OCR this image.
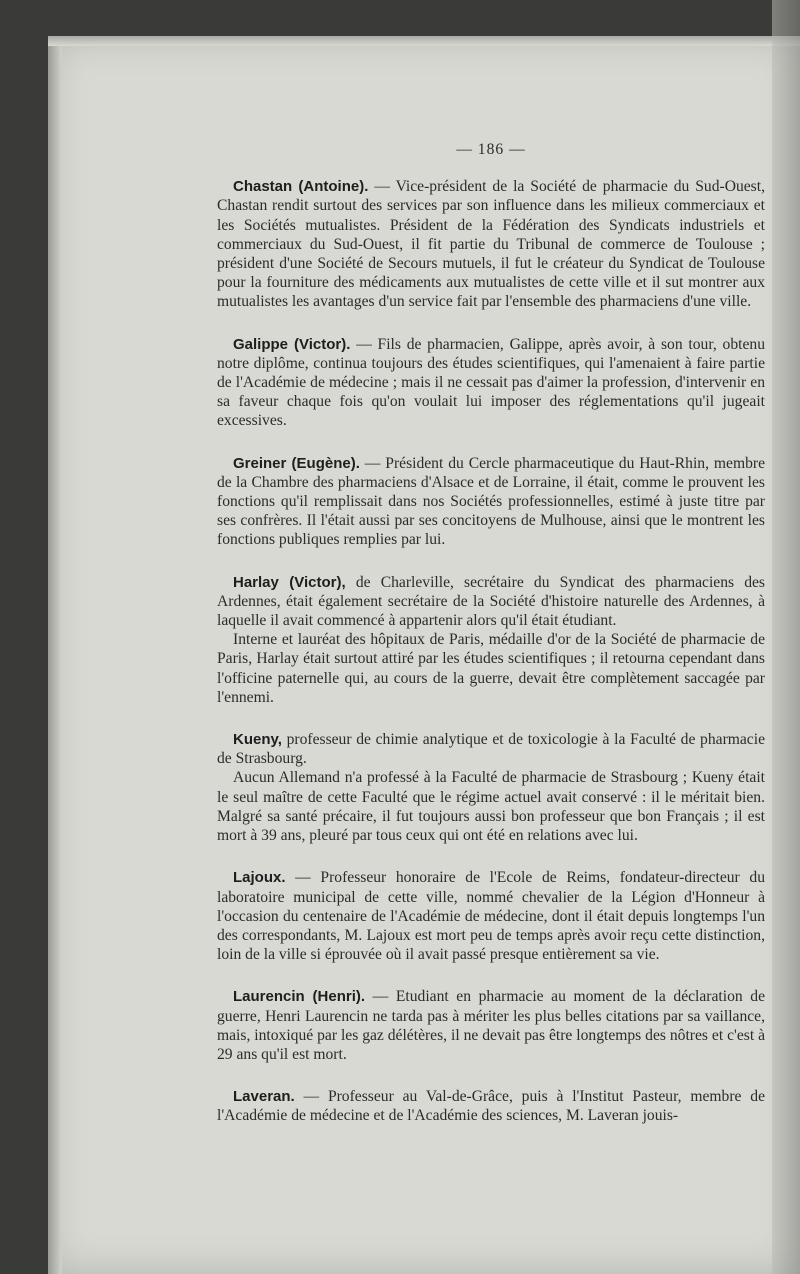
— 186 —

Chastan (Antoine). — Vice-président de la Société de pharmacie du Sud-Ouest, Chastan rendit surtout des services par son influence dans les milieux commerciaux et les Sociétés mutualistes. Président de la Fédération des Syndicats industriels et commerciaux du Sud-Ouest, il fit partie du Tribunal de commerce de Toulouse ; président d'une Société de Secours mutuels, il fut le créateur du Syndicat de Toulouse pour la fourniture des médicaments aux mutualistes de cette ville et il sut montrer aux mutualistes les avantages d'un service fait par l'ensemble des pharmaciens d'une ville.

Galippe (Victor). — Fils de pharmacien, Galippe, après avoir, à son tour, obtenu notre diplôme, continua toujours des études scientifiques, qui l'amenaient à faire partie de l'Académie de médecine ; mais il ne cessait pas d'aimer la profession, d'intervenir en sa faveur chaque fois qu'on voulait lui imposer des réglementations qu'il jugeait excessives.

Greiner (Eugène). — Président du Cercle pharmaceutique du Haut-Rhin, membre de la Chambre des pharmaciens d'Alsace et de Lorraine, il était, comme le prouvent les fonctions qu'il remplissait dans nos Sociétés professionnelles, estimé à juste titre par ses confrères. Il l'était aussi par ses concitoyens de Mulhouse, ainsi que le montrent les fonctions publiques remplies par lui.

Harlay (Victor), de Charleville, secrétaire du Syndicat des pharmaciens des Ardennes, était également secrétaire de la Société d'histoire naturelle des Ardennes, à laquelle il avait commencé à appartenir alors qu'il était étudiant.

Interne et lauréat des hôpitaux de Paris, médaille d'or de la Société de pharmacie de Paris, Harlay était surtout attiré par les études scientifiques ; il retourna cependant dans l'officine paternelle qui, au cours de la guerre, devait être complètement saccagée par l'ennemi.

Kueny, professeur de chimie analytique et de toxicologie à la Faculté de pharmacie de Strasbourg.

Aucun Allemand n'a professé à la Faculté de pharmacie de Strasbourg ; Kueny était le seul maître de cette Faculté que le régime actuel avait conservé : il le méritait bien. Malgré sa santé précaire, il fut toujours aussi bon professeur que bon Français ; il est mort à 39 ans, pleuré par tous ceux qui ont été en relations avec lui.

Lajoux. — Professeur honoraire de l'Ecole de Reims, fondateur-directeur du laboratoire municipal de cette ville, nommé chevalier de la Légion d'Honneur à l'occasion du centenaire de l'Académie de médecine, dont il était depuis longtemps l'un des correspondants, M. Lajoux est mort peu de temps après avoir reçu cette distinction, loin de la ville si éprouvée où il avait passé presque entièrement sa vie.

Laurencin (Henri). — Etudiant en pharmacie au moment de la déclaration de guerre, Henri Laurencin ne tarda pas à mériter les plus belles citations par sa vaillance, mais, intoxiqué par les gaz délétères, il ne devait pas être longtemps des nôtres et c'est à 29 ans qu'il est mort.

Laveran. — Professeur au Val-de-Grâce, puis à l'Institut Pasteur, membre de l'Académie de médecine et de l'Académie des sciences, M. Laveran jouis-
